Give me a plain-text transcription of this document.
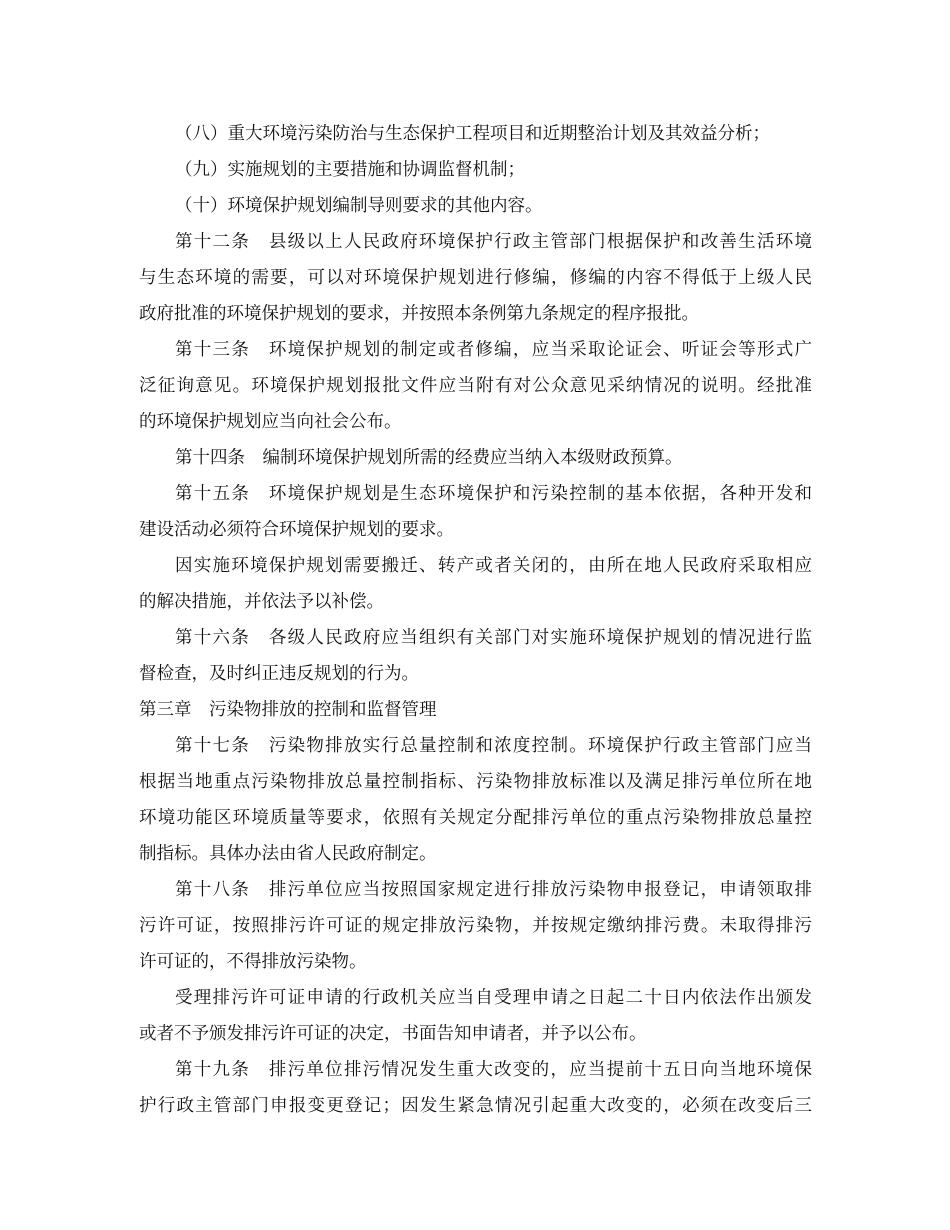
（八）重大环境污染防治与生态保护工程项目和近期整治计划及其效益分析；
（九）实施规划的主要措施和协调监督机制；
（十）环境保护规划编制导则要求的其他内容。
第十二条　县级以上人民政府环境保护行政主管部门根据保护和改善生活环境
与生态环境的需要，可以对环境保护规划进行修编，修编的内容不得低于上级人民
政府批准的环境保护规划的要求，并按照本条例第九条规定的程序报批。
第十三条　环境保护规划的制定或者修编，应当采取论证会、听证会等形式广
泛征询意见。环境保护规划报批文件应当附有对公众意见采纳情况的说明。经批准
的环境保护规划应当向社会公布。
第十四条　编制环境保护规划所需的经费应当纳入本级财政预算。
第十五条　环境保护规划是生态环境保护和污染控制的基本依据，各种开发和
建设活动必须符合环境保护规划的要求。
因实施环境保护规划需要搬迁、转产或者关闭的，由所在地人民政府采取相应
的解决措施，并依法予以补偿。
第十六条　各级人民政府应当组织有关部门对实施环境保护规划的情况进行监
督检查，及时纠正违反规划的行为。
第三章　污染物排放的控制和监督管理
第十七条　污染物排放实行总量控制和浓度控制。环境保护行政主管部门应当
根据当地重点污染物排放总量控制指标、污染物排放标准以及满足排污单位所在地
环境功能区环境质量等要求，依照有关规定分配排污单位的重点污染物排放总量控
制指标。具体办法由省人民政府制定。
第十八条　排污单位应当按照国家规定进行排放污染物申报登记，申请领取排
污许可证，按照排污许可证的规定排放污染物，并按规定缴纳排污费。未取得排污
许可证的，不得排放污染物。
受理排污许可证申请的行政机关应当自受理申请之日起二十日内依法作出颁发
或者不予颁发排污许可证的决定，书面告知申请者，并予以公布。
第十九条　排污单位排污情况发生重大改变的，应当提前十五日向当地环境保
护行政主管部门申报变更登记；因发生紧急情况引起重大改变的，必须在改变后三
